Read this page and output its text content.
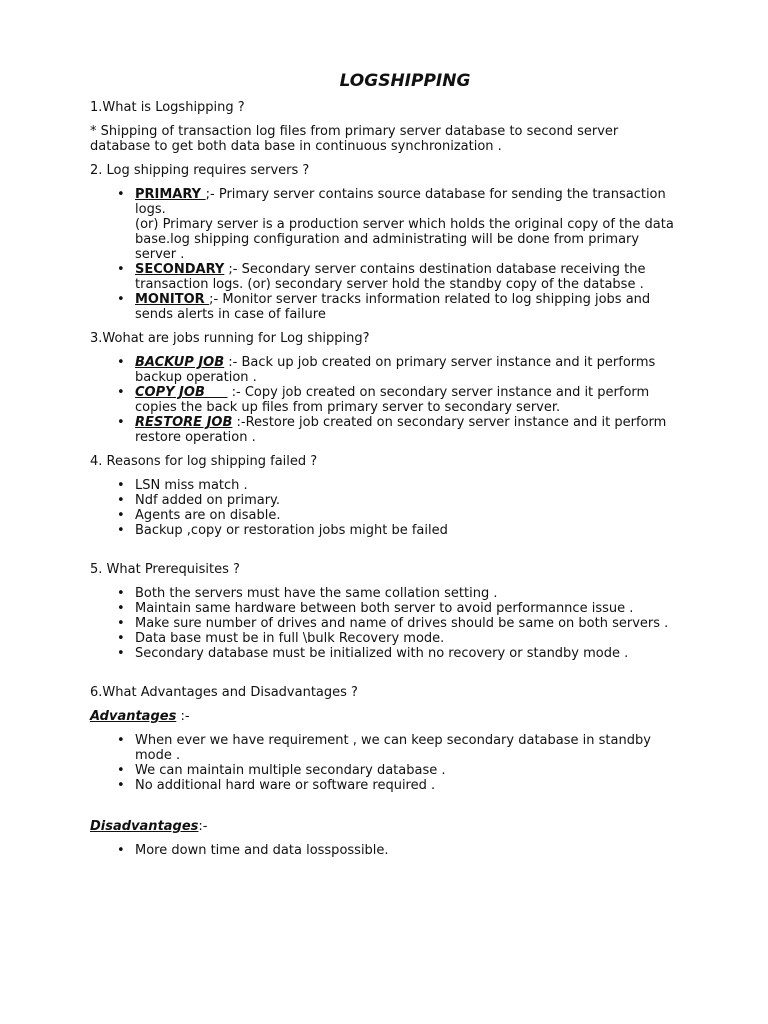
LOGSHIPPING

1.What is Logshipping ?

* Shipping of transaction log files from primary server database to second server database to get both data base in continuous synchronization .

2. Log shipping requires servers ?

• PRIMARY ;- Primary server contains source database for sending the transaction logs.
(or) Primary server is a production server which holds the original copy of the data base.log shipping configuration and administrating will be done from primary server .
• SECONDARY ;- Secondary server contains destination database receiving the transaction logs. (or) secondary server hold the standby copy of the databse .
• MONITOR ;- Monitor server tracks information related to log shipping jobs and sends alerts in case of failure

3.Wohat are jobs running for Log shipping?

• BACKUP JOB :- Back up job created on primary server instance and it performs backup operation .
• COPY JOB      :- Copy job created on secondary server instance and it perform copies the back up files from primary server to secondary server.
• RESTORE JOB :-Restore job created on secondary server instance and it perform restore operation .

4. Reasons for log shipping failed ?

• LSN miss match .
• Ndf added on primary.
• Agents are on disable.
• Backup ,copy or restoration jobs might be failed

5. What Prerequisites ?

• Both the servers must have the same collation setting .
• Maintain same hardware between both server to avoid performannce issue .
• Make sure number of drives and name of drives should be same on both servers .
• Data base must be in full \bulk Recovery mode.
• Secondary database must be initialized with no recovery or standby mode .

6.What Advantages and Disadvantages ?

Advantages :-

• When ever we have requirement , we can keep secondary database in standby mode .
• We can maintain multiple secondary database .
• No additional hard ware or software required .

Disadvantages:-

• More down time and data losspossible.
